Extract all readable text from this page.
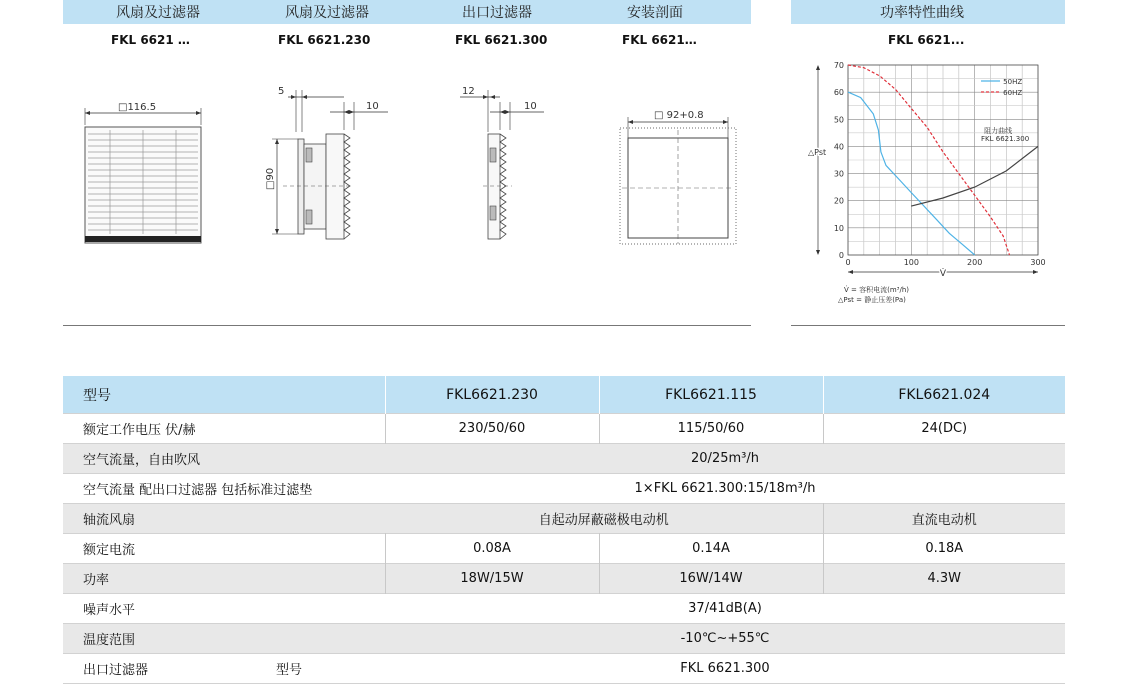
风扇及过滤器	风扇及过滤器	出口过滤器	安装剖面	功率特性曲线
FKL 6621 …	FKL 6621.230	FKL 6621.300	FKL 6621…	FKL 6621...
□116.5
5
10
□90
12
10
□ 92+0.8
0
10
20
30
40
50
60
70
0	100	200	300
50HZ
60HZ
△Pst
V̇
阻力曲线
FKL 6621.300
V̇ = 容积电流(m³/h)
△Pst = 静止压差(Pa)
型号	FKL6621.230	FKL6621.115	FKL6621.024
额定工作电压 伏/赫	230/50/60	115/50/60	24(DC)
空气流量，自由吹风	20/25m³/h		
空气流量 配出口过滤器 包括标准过滤垫	1×FKL 6621.300:15/18m³/h		
轴流风扇	自起动屏蔽磁极电动机		直流电动机
额定电流	0.08A	0.14A	0.18A
功率	18W/15W	16W/14W	4.3W
噪声水平	37/41dB(A)		
温度范围	-10℃~+55℃		
出口过滤器 型号	FKL 6621.300		
